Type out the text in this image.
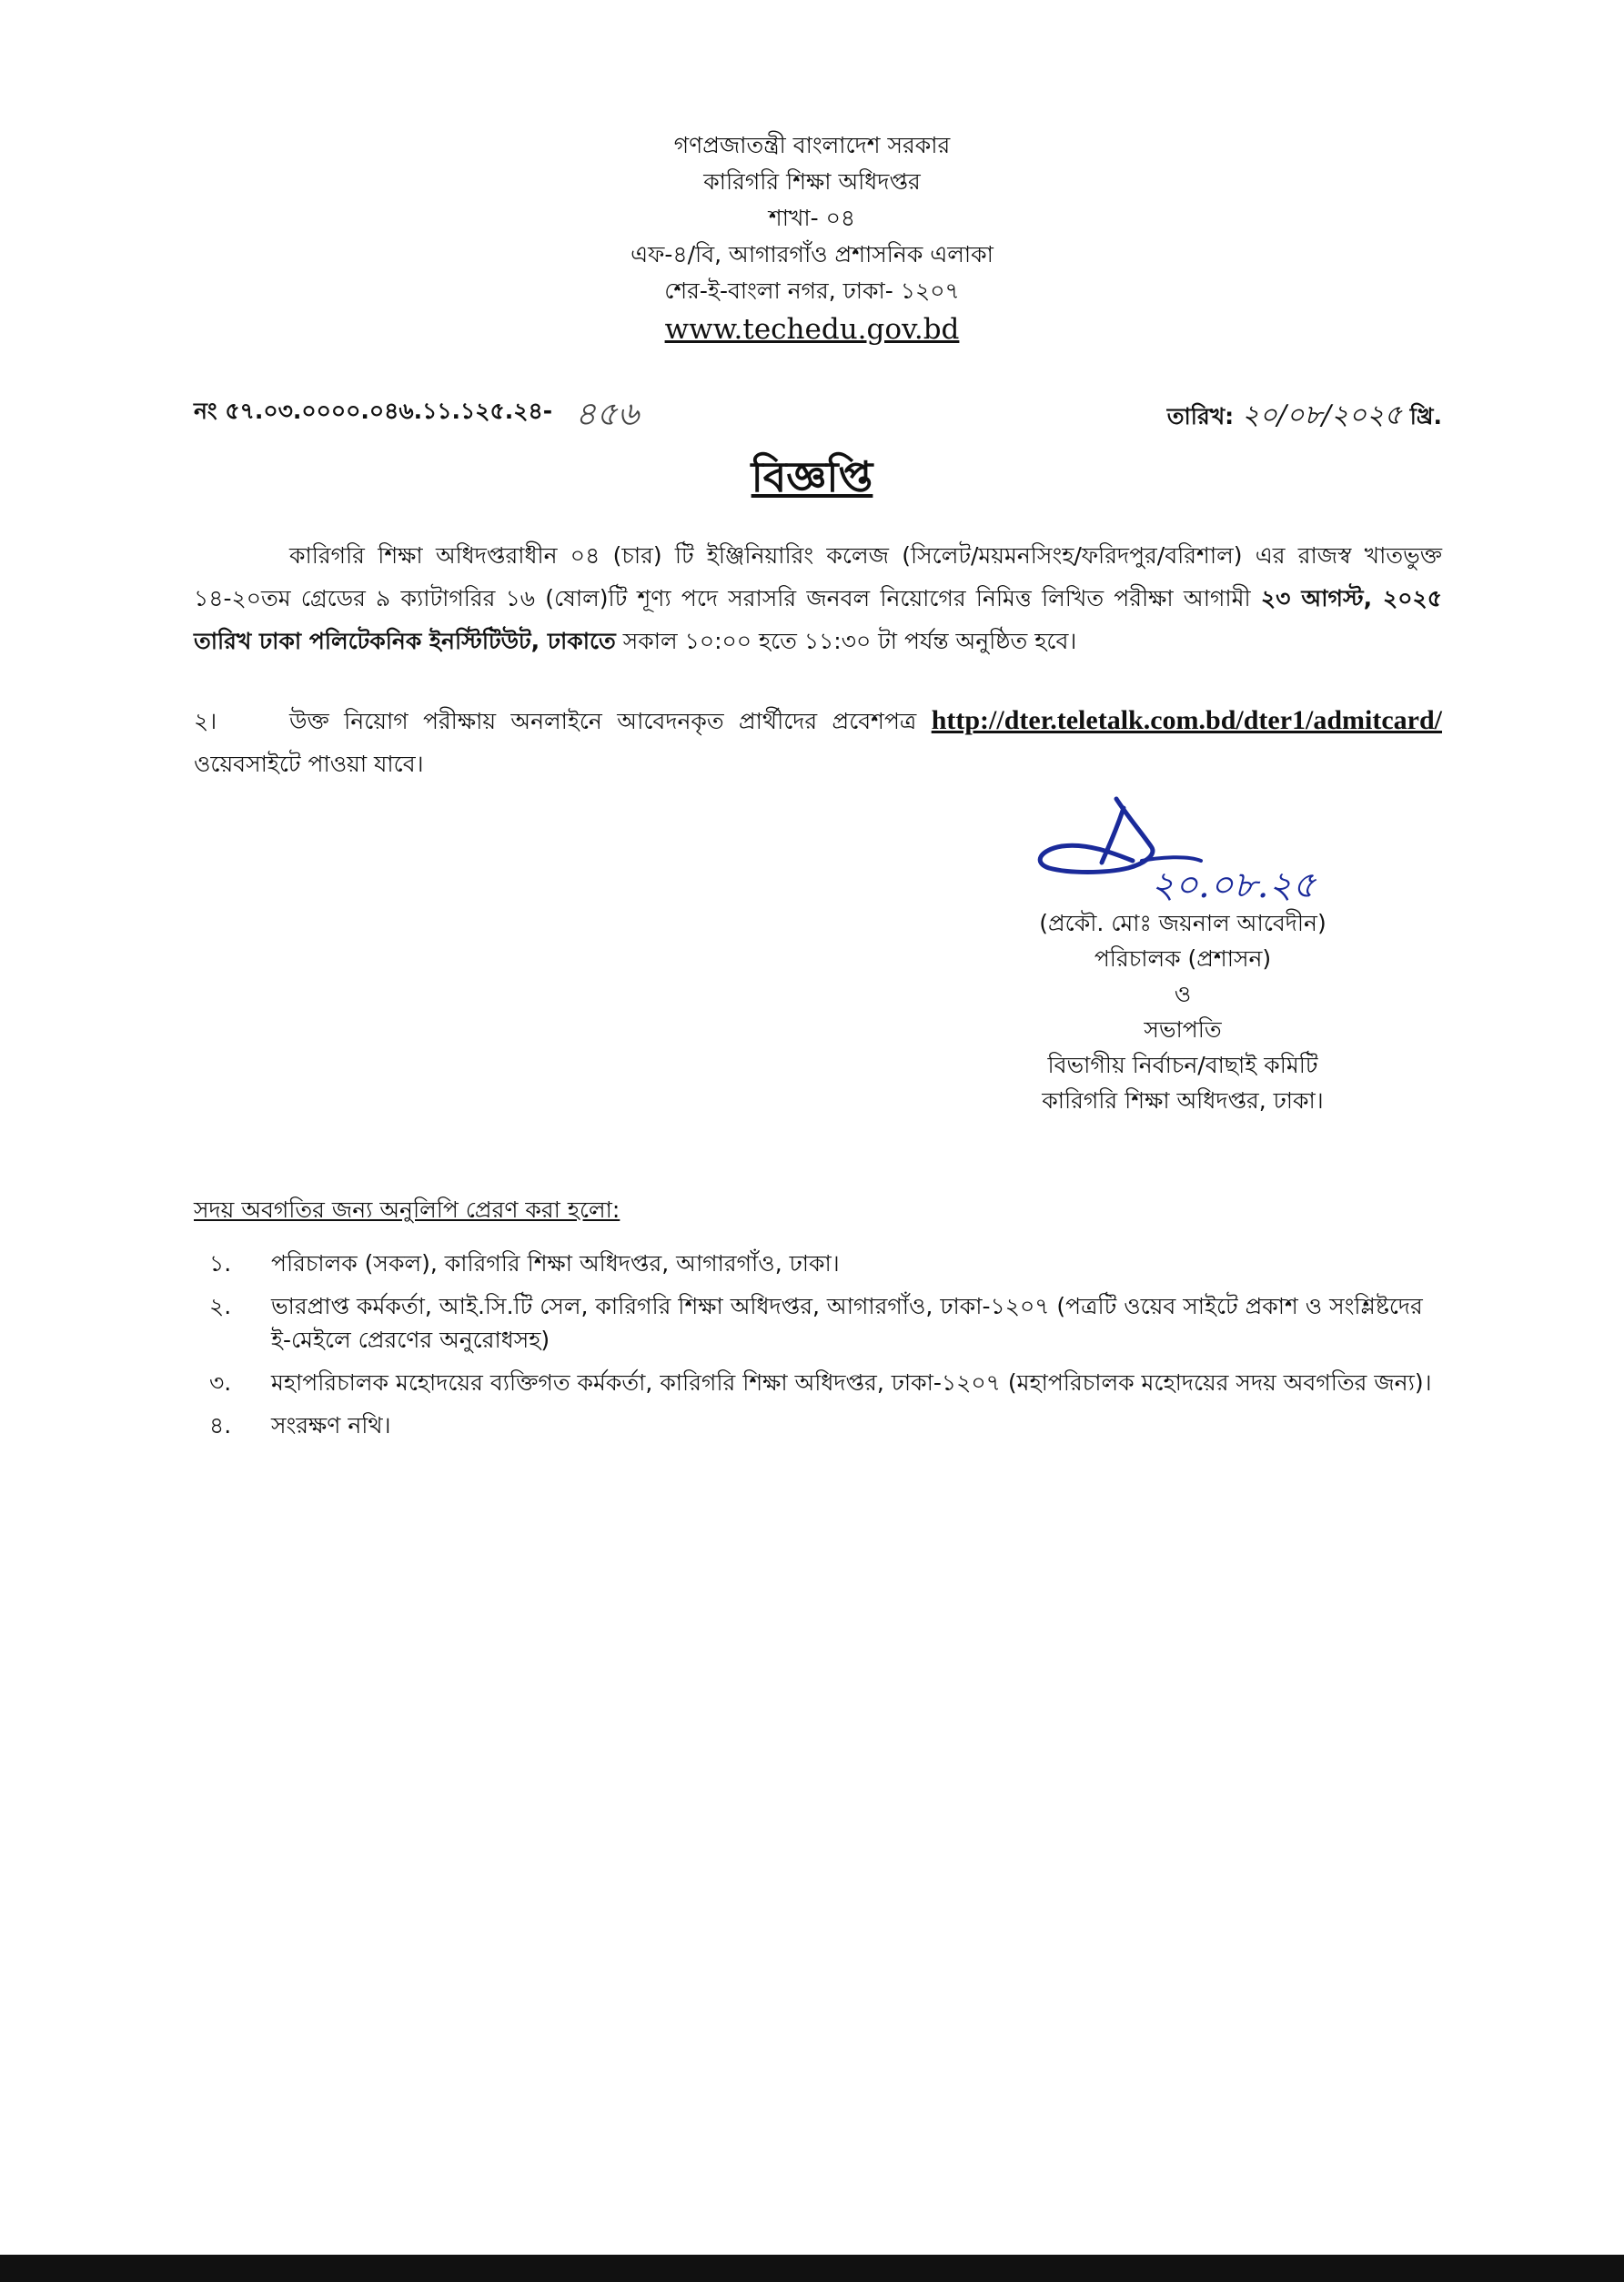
গণপ্রজাতন্ত্রী বাংলাদেশ সরকার
কারিগরি শিক্ষা অধিদপ্তর
শাখা- ০৪
এফ-৪/বি, আগারগাঁও প্রশাসনিক এলাকা
শের-ই-বাংলা নগর, ঢাকা- ১২০৭
www.techedu.gov.bd
নং ৫৭.০৩.০০০০.০৪৬.১১.১২৫.২৪- ৪৫৬	তারিখ: ২০/০৮/২০২৫ খ্রি.
বিজ্ঞপ্তি
কারিগরি শিক্ষা অধিদপ্তরাধীন ০৪ (চার) টি ইঞ্জিনিয়ারিং কলেজ (সিলেট/ময়মনসিংহ/ফরিদপুর/বরিশাল) এর রাজস্ব খাতভুক্ত ১৪-২০তম গ্রেডের ৯ ক্যাটাগরির ১৬ (ষোল)টি শূণ্য পদে সরাসরি জনবল নিয়োগের নিমিত্ত লিখিত পরীক্ষা আগামী ২৩ আগস্ট, ২০২৫ তারিখ ঢাকা পলিটেকনিক ইনস্টিটিউট, ঢাকাতে সকাল ১০:০০ হতে ১১:৩০ টা পর্যন্ত অনুষ্ঠিত হবে।
২।	উক্ত নিয়োগ পরীক্ষায় অনলাইনে আবেদনকৃত প্রার্থীদের প্রবেশপত্র http://dter.teletalk.com.bd/dter1/admitcard/ ওয়েবসাইটে পাওয়া যাবে।
২০.০৮.২৫
(প্রকৌ. মোঃ জয়নাল আবেদীন)
পরিচালক (প্রশাসন)
ও
সভাপতি
বিভাগীয় নির্বাচন/বাছাই কমিটি
কারিগরি শিক্ষা অধিদপ্তর, ঢাকা।
সদয় অবগতির জন্য অনুলিপি প্রেরণ করা হলো:
১.	পরিচালক (সকল), কারিগরি শিক্ষা অধিদপ্তর, আগারগাঁও, ঢাকা।
২.	ভারপ্রাপ্ত কর্মকর্তা, আই.সি.টি সেল, কারিগরি শিক্ষা অধিদপ্তর, আগারগাঁও, ঢাকা-১২০৭ (পত্রটি ওয়েব সাইটে প্রকাশ ও সংশ্লিষ্টদের ই-মেইলে প্রেরণের অনুরোধসহ)
৩.	মহাপরিচালক মহোদয়ের ব্যক্তিগত কর্মকর্তা, কারিগরি শিক্ষা অধিদপ্তর, ঢাকা-১২০৭ (মহাপরিচালক মহোদয়ের সদয় অবগতির জন্য)।
৪.	সংরক্ষণ নথি।
